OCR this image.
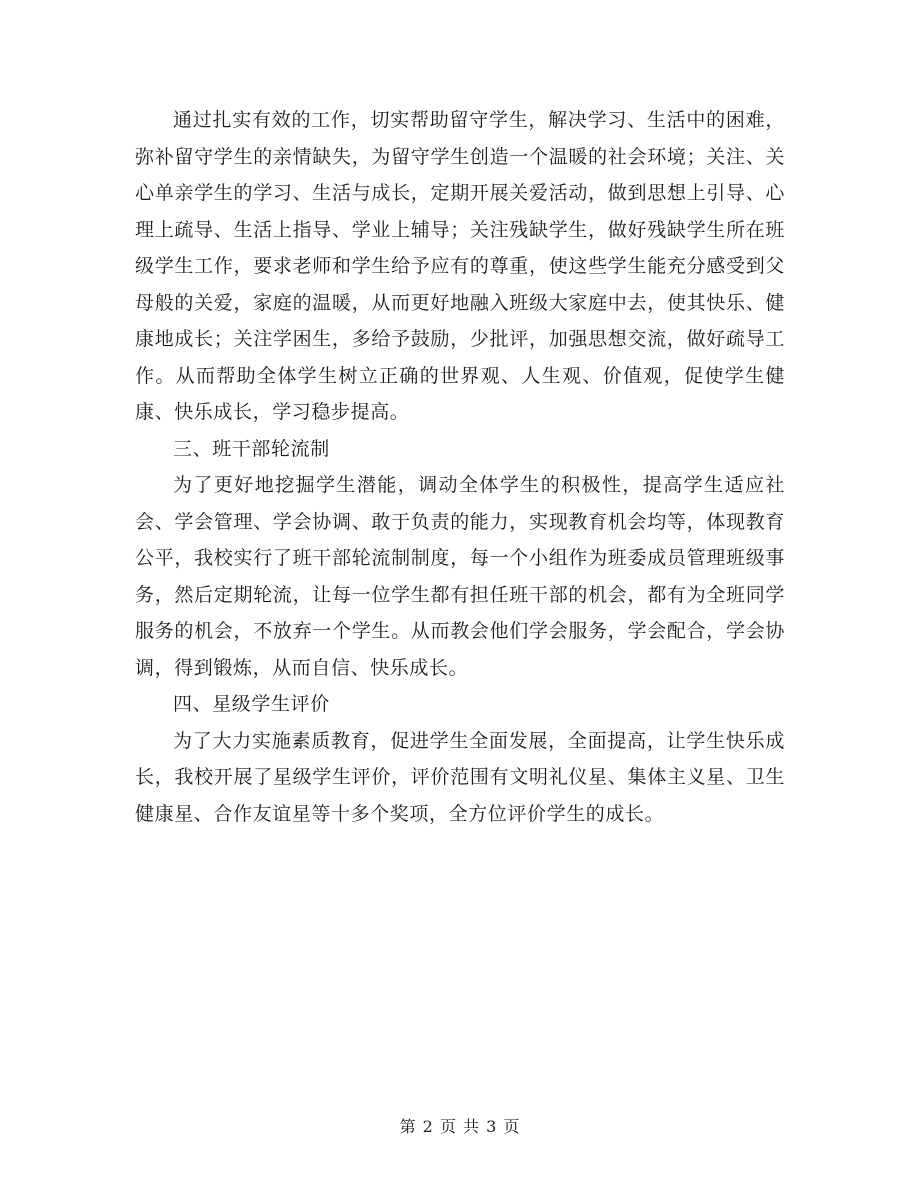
通过扎实有效的工作，切实帮助留守学生，解决学习、生活中的困难，弥补留守学生的亲情缺失，为留守学生创造一个温暖的社会环境；关注、关心单亲学生的学习、生活与成长，定期开展关爱活动，做到思想上引导、心理上疏导、生活上指导、学业上辅导；关注残缺学生，做好残缺学生所在班级学生工作，要求老师和学生给予应有的尊重，使这些学生能充分感受到父母般的关爱，家庭的温暖，从而更好地融入班级大家庭中去，使其快乐、健康地成长；关注学困生，多给予鼓励，少批评，加强思想交流，做好疏导工作。从而帮助全体学生树立正确的世界观、人生观、价值观，促使学生健康、快乐成长，学习稳步提高。

三、班干部轮流制

为了更好地挖掘学生潜能，调动全体学生的积极性，提高学生适应社会、学会管理、学会协调、敢于负责的能力，实现教育机会均等，体现教育公平，我校实行了班干部轮流制制度，每一个小组作为班委成员管理班级事务，然后定期轮流，让每一位学生都有担任班干部的机会，都有为全班同学服务的机会，不放弃一个学生。从而教会他们学会服务，学会配合，学会协调，得到锻炼，从而自信、快乐成长。

四、星级学生评价

为了大力实施素质教育，促进学生全面发展，全面提高，让学生快乐成长，我校开展了星级学生评价，评价范围有文明礼仪星、集体主义星、卫生健康星、合作友谊星等十多个奖项，全方位评价学生的成长。

第 2 页 共 3 页
